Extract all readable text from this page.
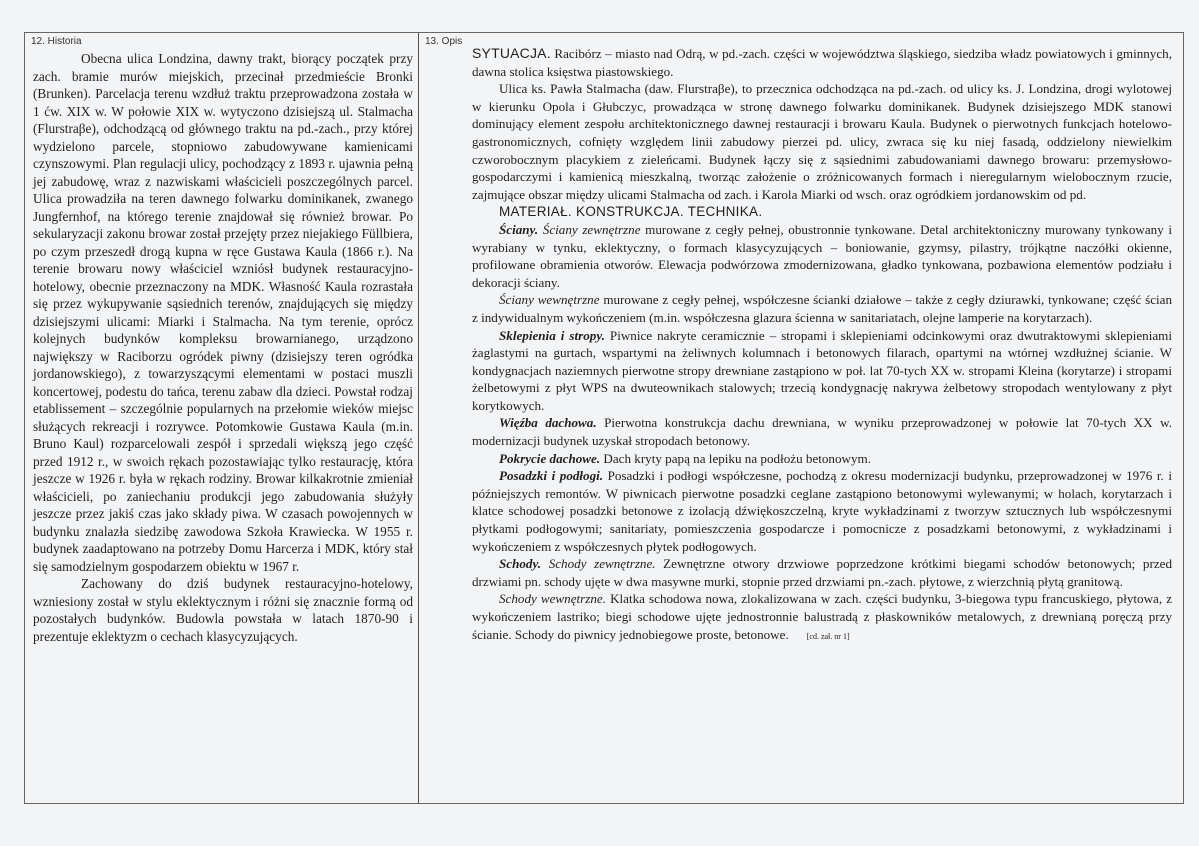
12. Historia

Obecna ulica Londzina, dawny trakt, biorący początek przy zach. bramie murów miejskich, przecinał przedmieście Bronki (Brunken). Parcelacja terenu wzdłuż traktu przeprowadzona została w 1 ćw. XIX w. W połowie XIX w. wytyczono dzisiejszą ul. Stalmacha (Flurstraβe), odchodzącą od głównego traktu na pd.-zach., przy której wydzielono parcele, stopniowo zabudowywane kamienicami czynszowymi. Plan regulacji ulicy, pochodzący z 1893 r. ujawnia pełną jej zabudowę, wraz z nazwiskami właścicieli poszczególnych parcel. Ulica prowadziła na teren dawnego folwarku dominikanek, zwanego Jungfernhof, na którego terenie znajdował się również browar. Po sekularyzacji zakonu browar został przejęty przez niejakiego Füllbiera, po czym przeszedł drogą kupna w ręce Gustawa Kaula (1866 r.). Na terenie browaru nowy właściciel wzniósł budynek restauracyjno-hotelowy, obecnie przeznaczony na MDK. Własność Kaula rozrastała się przez wykupywanie sąsiednich terenów, znajdujących się między dzisiejszymi ulicami: Miarki i Stalmacha. Na tym terenie, oprócz kolejnych budynków kompleksu browarnianego, urządzono największy w Raciborzu ogródek piwny (dzisiejszy teren ogródka jordanowskiego), z towarzyszącymi elementami w postaci muszli koncertowej, podestu do tańca, terenu zabaw dla dzieci. Powstał rodzaj etablissement – szczególnie popularnych na przełomie wieków miejsc służących rekreacji i rozrywce. Potomkowie Gustawa Kaula (m.in. Bruno Kaul) rozparcelowali zespół i sprzedali większą jego część przed 1912 r., w swoich rękach pozostawiając tylko restaurację, która jeszcze w 1926 r. była w rękach rodziny. Browar kilkakrotnie zmieniał właścicieli, po zaniechaniu produkcji jego zabudowania służyły jeszcze przez jakiś czas jako składy piwa. W czasach powojennych w budynku znalazła siedzibę zawodowa Szkoła Krawiecka. W 1955 r. budynek zaadaptowano na potrzeby Domu Harcerza i MDK, który stał się samodzielnym gospodarzem obiektu w 1967 r.

Zachowany do dziś budynek restauracyjno-hotelowy, wzniesiony został w stylu eklektycznym i różni się znacznie formą od pozostałych budynków. Budowla powstała w latach 1870-90 i prezentuje eklektyzm o cechach klasycyzujących.

13. Opis

SYTUACJA. Racibórz – miasto nad Odrą, w pd.-zach. części w województwa śląskiego, siedziba władz powiatowych i gminnych, dawna stolica księstwa piastowskiego.

Ulica ks. Pawła Stalmacha (daw. Flurstraβe), to przecznica odchodząca na pd.-zach. od ulicy ks. J. Londzina, drogi wylotowej w kierunku Opola i Głubczyc, prowadząca w stronę dawnego folwarku dominikanek. Budynek dzisiejszego MDK stanowi dominujący element zespołu architektonicznego dawnej restauracji i browaru Kaula. Budynek o pierwotnych funkcjach hotelowo-gastronomicznych, cofnięty względem linii zabudowy pierzei pd. ulicy, zwraca się ku niej fasadą, oddzielony niewielkim czworobocznym placykiem z zieleńcami. Budynek łączy się z sąsiednimi zabudowaniami dawnego browaru: przemysłowo-gospodarczymi i kamienicą mieszkalną, tworząc założenie o zróżnicowanych formach i nieregularnym wielobocznym rzucie, zajmujące obszar między ulicami Stalmacha od zach. i Karola Miarki od wsch. oraz ogródkiem jordanowskim od pd.

MATERIAŁ. KONSTRUKCJA. TECHNIKA.

Ściany. Ściany zewnętrzne murowane z cegły pełnej, obustronnie tynkowane. Detal architektoniczny murowany tynkowany i wyrabiany w tynku, eklektyczny, o formach klasycyzujących – boniowanie, gzymsy, pilastry, trójkątne naczółki okienne, profilowane obramienia otworów. Elewacja podwórzowa zmodernizowana, gładko tynkowana, pozbawiona elementów podziału i dekoracji ściany.

Ściany wewnętrzne murowane z cegły pełnej, współczesne ścianki działowe – także z cegły dziurawki, tynkowane; część ścian z indywidualnym wykończeniem (m.in. współczesna glazura ścienna w sanitariatach, olejne lamperie na korytarzach).

Sklepienia i stropy. Piwnice nakryte ceramicznie – stropami i sklepieniami odcinkowymi oraz dwutraktowymi sklepieniami żaglastymi na gurtach, wspartymi na żeliwnych kolumnach i betonowych filarach, opartymi na wtórnej wzdłużnej ścianie. W kondygnacjach naziemnych pierwotne stropy drewniane zastąpiono w poł. lat 70-tych XX w. stropami Kleina (korytarze) i stropami żelbetowymi z płyt WPS na dwuteownikach stalowych; trzecią kondygnację nakrywa żelbetowy stropodach wentylowany z płyt korytkowych.

Więźba dachowa. Pierwotna konstrukcja dachu drewniana, w wyniku przeprowadzonej w połowie lat 70-tych XX w. modernizacji budynek uzyskał stropodach betonowy.

Pokrycie dachowe. Dach kryty papą na lepiku na podłożu betonowym.

Posadzki i podłogi. Posadzki i podłogi współczesne, pochodzą z okresu modernizacji budynku, przeprowadzonej w 1976 r. i późniejszych remontów. W piwnicach pierwotne posadzki ceglane zastąpiono betonowymi wylewanymi; w holach, korytarzach i klatce schodowej posadzki betonowe z izolacją dźwiękoszczelną, kryte wykładzinami z tworzyw sztucznych lub współczesnymi płytkami podłogowymi; sanitariaty, pomieszczenia gospodarcze i pomocnicze z posadzkami betonowymi, z wykładzinami i wykończeniem z współczesnych płytek podłogowych.

Schody. Schody zewnętrzne. Zewnętrzne otwory drzwiowe poprzedzone krótkimi biegami schodów betonowych; przed drzwiami pn. schody ujęte w dwa masywne murki, stopnie przed drzwiami pn.-zach. płytowe, z wierzchnią płytą granitową.

Schody wewnętrzne. Klatka schodowa nowa, zlokalizowana w zach. części budynku, 3-biegowa typu francuskiego, płytowa, z wykończeniem lastriko; biegi schodowe ujęte jednostronnie balustradą z płaskowników metalowych, z drewnianą poręczą przy ścianie. Schody do piwnicy jednobiegowe proste, betonowe. [cd. zał. nr 1]
